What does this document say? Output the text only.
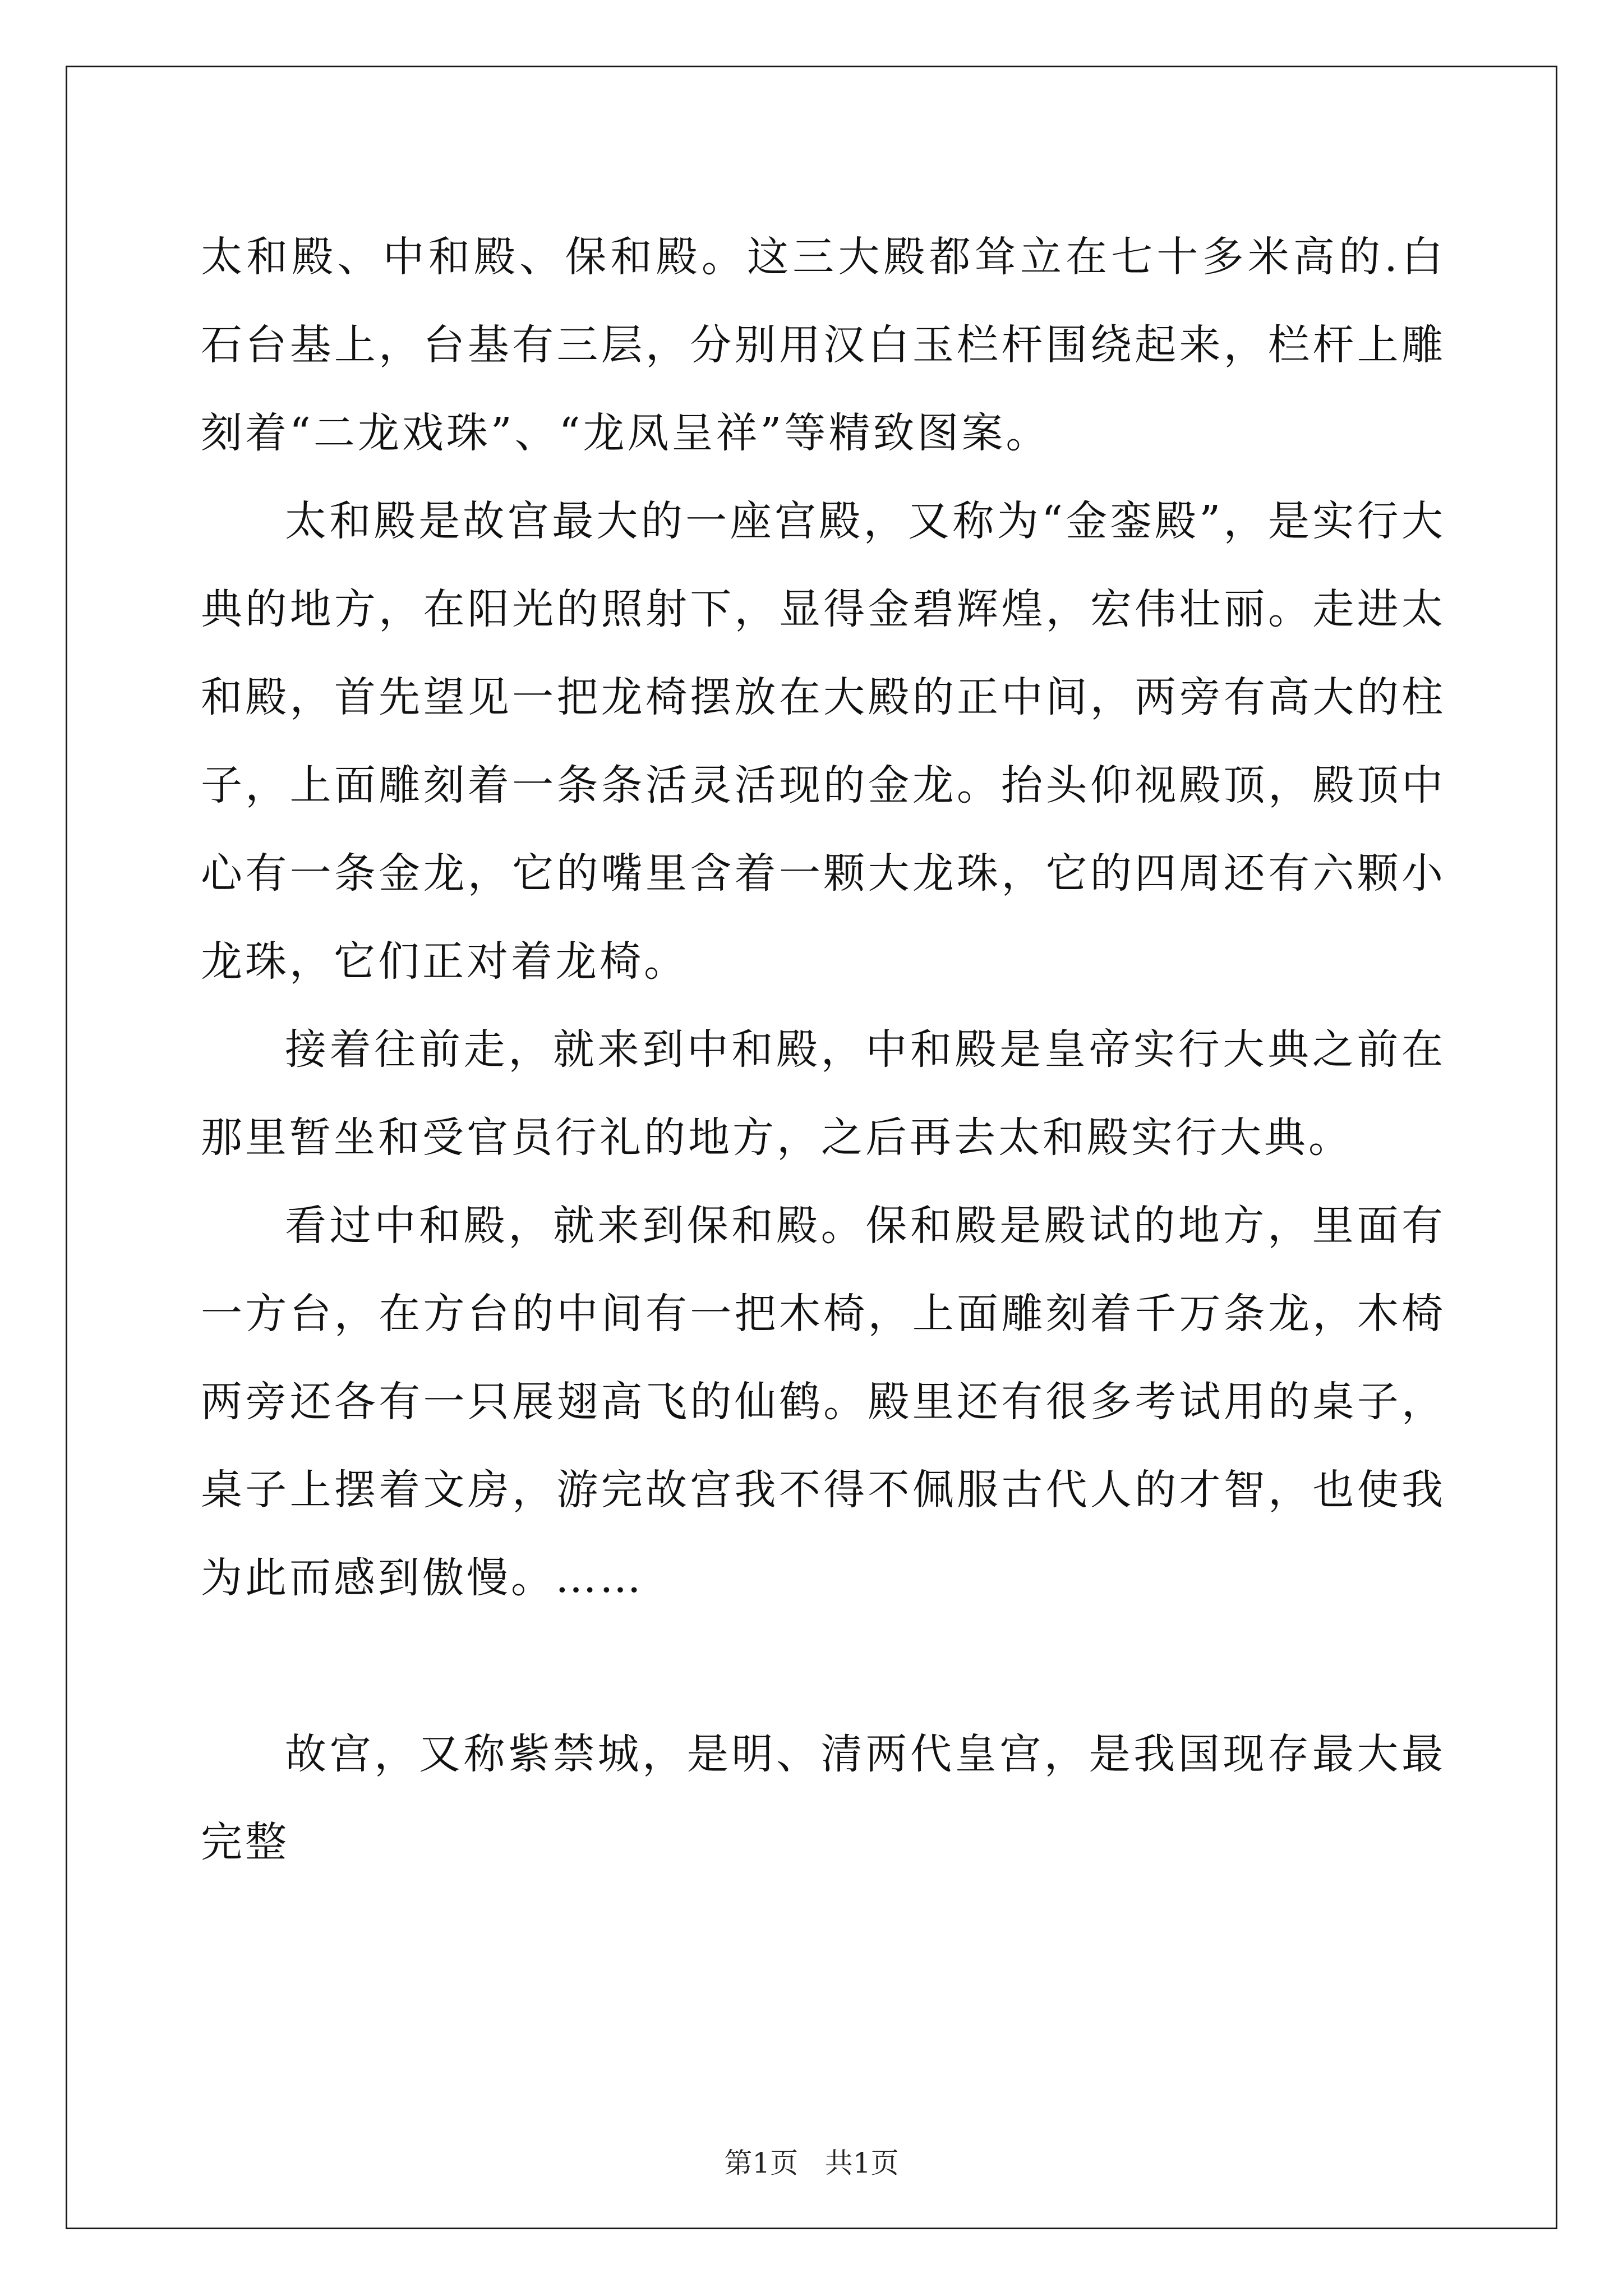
太和殿、中和殿、保和殿。这三大殿都耸立在七十多米高的.白石台基上，台基有三层，分别用汉白玉栏杆围绕起来，栏杆上雕刻着“二龙戏珠”、“龙凤呈祥”等精致图案。

太和殿是故宫最大的一座宫殿，又称为“金銮殿”，是实行大典的地方，在阳光的照射下，显得金碧辉煌，宏伟壮丽。走进太和殿，首先望见一把龙椅摆放在大殿的正中间，两旁有高大的柱子，上面雕刻着一条条活灵活现的金龙。抬头仰视殿顶，殿顶中心有一条金龙，它的嘴里含着一颗大龙珠，它的四周还有六颗小龙珠，它们正对着龙椅。

接着往前走，就来到中和殿，中和殿是皇帝实行大典之前在那里暂坐和受官员行礼的地方，之后再去太和殿实行大典。

看过中和殿，就来到保和殿。保和殿是殿试的地方，里面有一方台，在方台的中间有一把木椅，上面雕刻着千万条龙，木椅两旁还各有一只展翅高飞的仙鹤。殿里还有很多考试用的桌子，桌子上摆着文房，游完故宫我不得不佩服古代人的才智，也使我为此而感到傲慢。……

故宫，又称紫禁城，是明、清两代皇宫，是我国现存最大最完整

第1页   共1页
